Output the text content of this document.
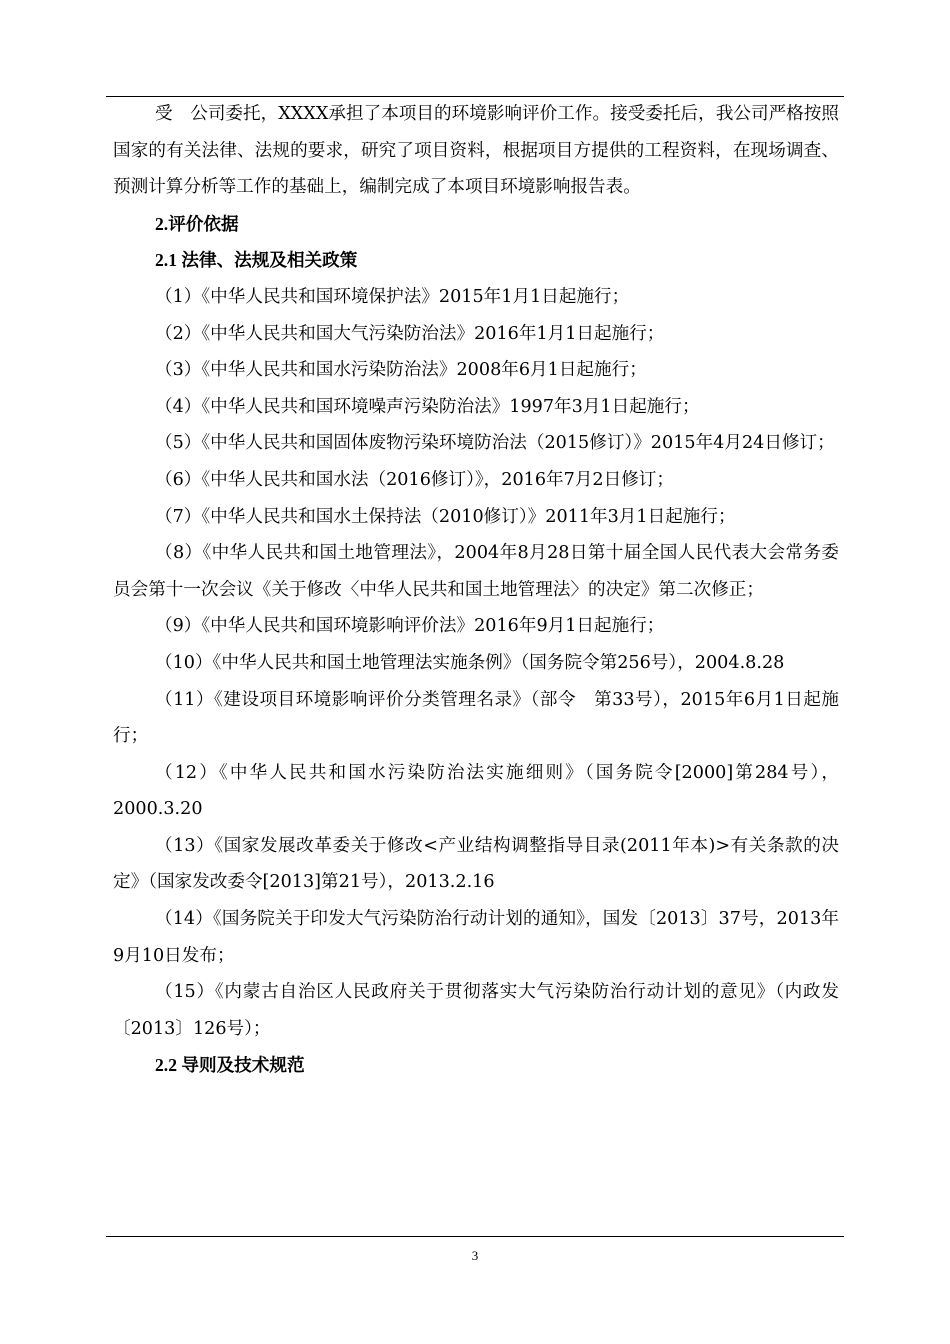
受　公司委托，XXXX承担了本项目的环境影响评价工作。接受委托后，我公司严格按照国家的有关法律、法规的要求，研究了项目资料，根据项目方提供的工程资料，在现场调查、预测计算分析等工作的基础上，编制完成了本项目环境影响报告表。

2.评价依据

2.1 法律、法规及相关政策

（1）《中华人民共和国环境保护法》2015年1月1日起施行；

（2）《中华人民共和国大气污染防治法》2016年1月1日起施行；

（3）《中华人民共和国水污染防治法》2008年6月1日起施行；

（4）《中华人民共和国环境噪声污染防治法》1997年3月1日起施行；

（5）《中华人民共和国固体废物污染环境防治法（2015修订）》2015年4月24日修订；

（6）《中华人民共和国水法（2016修订）》，2016年7月2日修订；

（7）《中华人民共和国水土保持法（2010修订）》2011年3月1日起施行；

（8）《中华人民共和国土地管理法》，2004年8月28日第十届全国人民代表大会常务委员会第十一次会议《关于修改〈中华人民共和国土地管理法〉的决定》第二次修正；

（9）《中华人民共和国环境影响评价法》2016年9月1日起施行；

（10）《中华人民共和国土地管理法实施条例》（国务院令第256号），2004.8.28

（11）《建设项目环境影响评价分类管理名录》（部令　第33号），2015年6月1日起施行；

（12）《中华人民共和国水污染防治法实施细则》（国务院令[2000]第284号），2000.3.20

（13）《国家发展改革委关于修改<产业结构调整指导目录(2011年本)>有关条款的决定》（国家发改委令[2013]第21号），2013.2.16

（14）《国务院关于印发大气污染防治行动计划的通知》，国发〔2013〕37号，2013年9月10日发布；

（15）《内蒙古自治区人民政府关于贯彻落实大气污染防治行动计划的意见》（内政发〔2013〕126号）；

2.2 导则及技术规范

3
